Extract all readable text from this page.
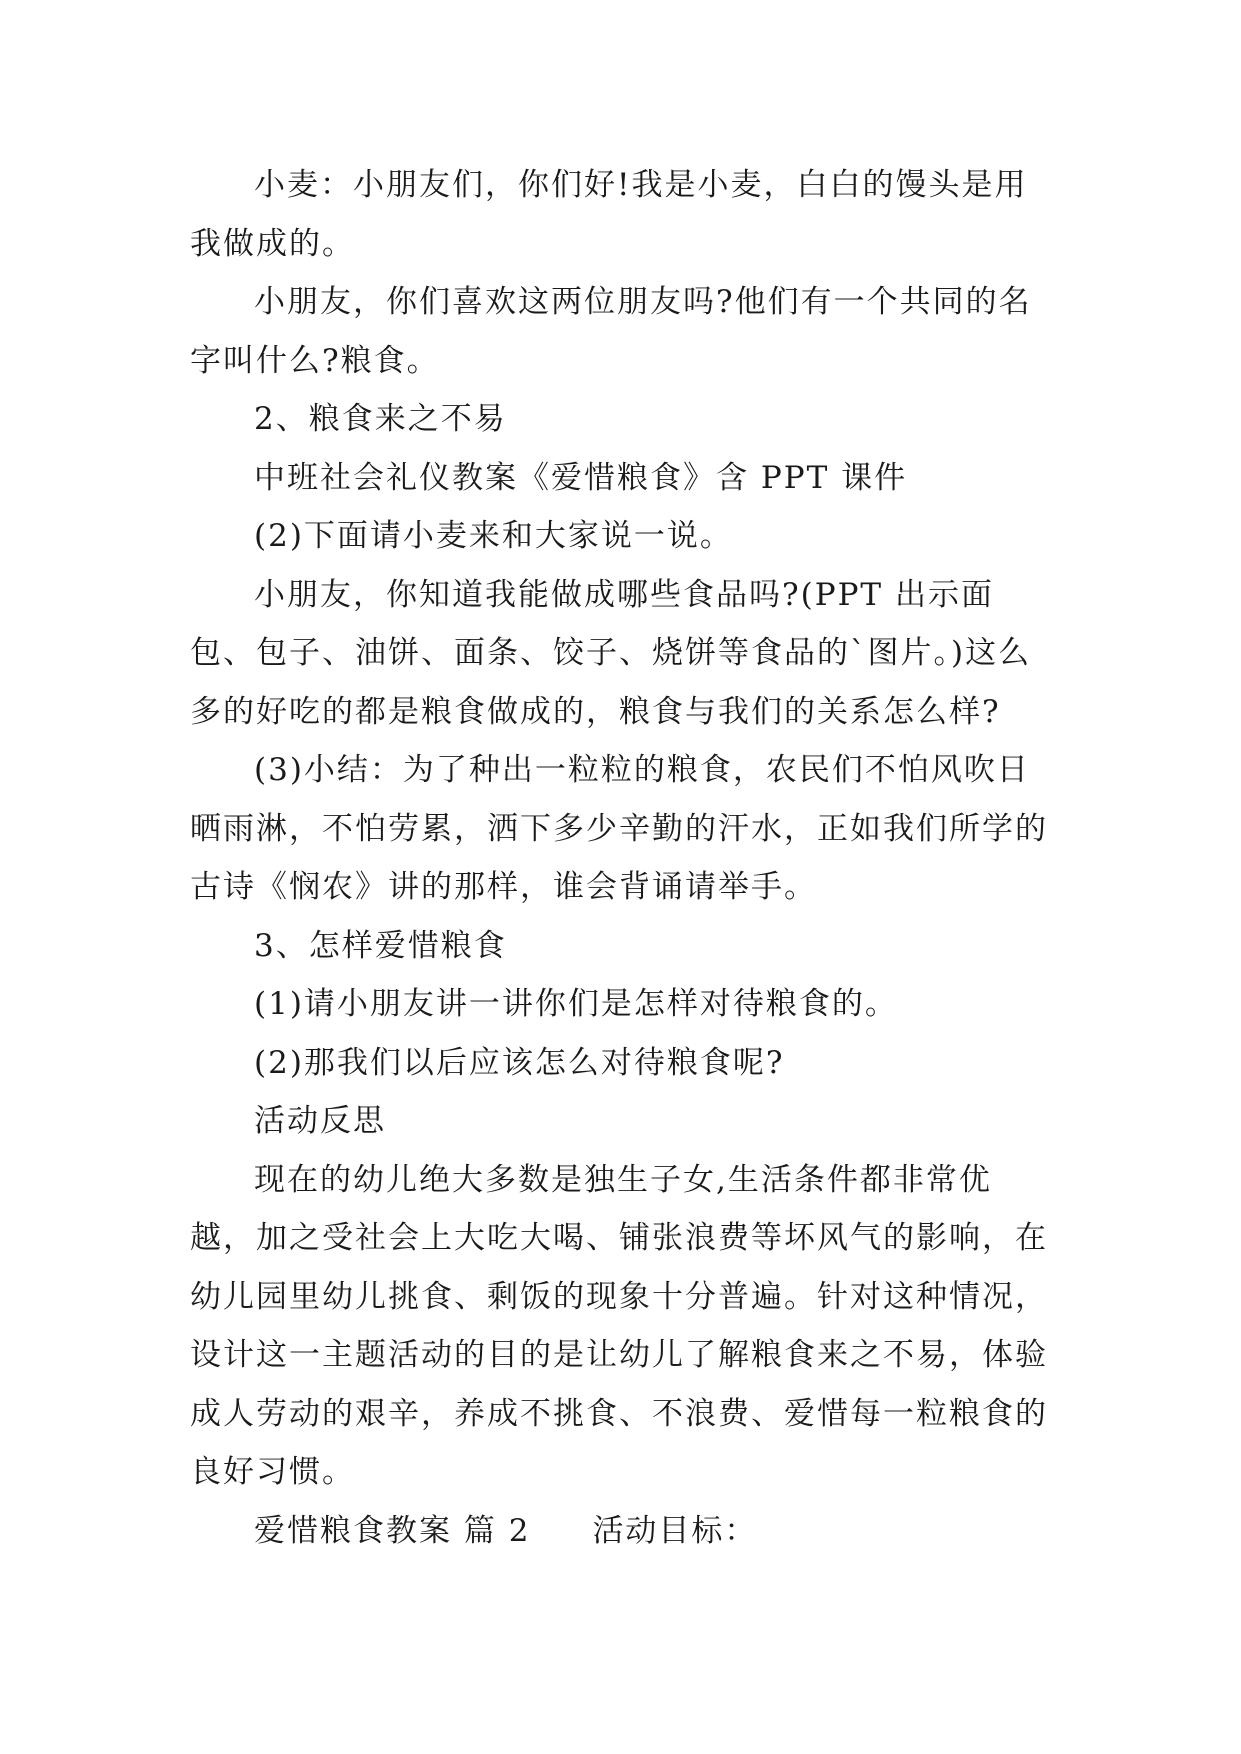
小麦：小朋友们，你们好!我是小麦，白白的馒头是用我做成的。

小朋友，你们喜欢这两位朋友吗?他们有一个共同的名字叫什么?粮食。

2、粮食来之不易

中班社会礼仪教案《爱惜粮食》含 PPT 课件

(2)下面请小麦来和大家说一说。

小朋友，你知道我能做成哪些食品吗?(PPT 出示面包、包子、油饼、面条、饺子、烧饼等食品的`图片。)这么多的好吃的都是粮食做成的，粮食与我们的关系怎么样?

(3)小结：为了种出一粒粒的粮食，农民们不怕风吹日晒雨淋，不怕劳累，洒下多少辛勤的汗水，正如我们所学的古诗《悯农》讲的那样，谁会背诵请举手。

3、怎样爱惜粮食

(1)请小朋友讲一讲你们是怎样对待粮食的。

(2)那我们以后应该怎么对待粮食呢?

活动反思

现在的幼儿绝大多数是独生子女,生活条件都非常优越，加之受社会上大吃大喝、铺张浪费等坏风气的影响，在幼儿园里幼儿挑食、剩饭的现象十分普遍。针对这种情况，设计这一主题活动的目的是让幼儿了解粮食来之不易，体验成人劳动的艰辛，养成不挑食、不浪费、爱惜每一粒粮食的良好习惯。

爱惜粮食教案 篇 2 活动目标：
